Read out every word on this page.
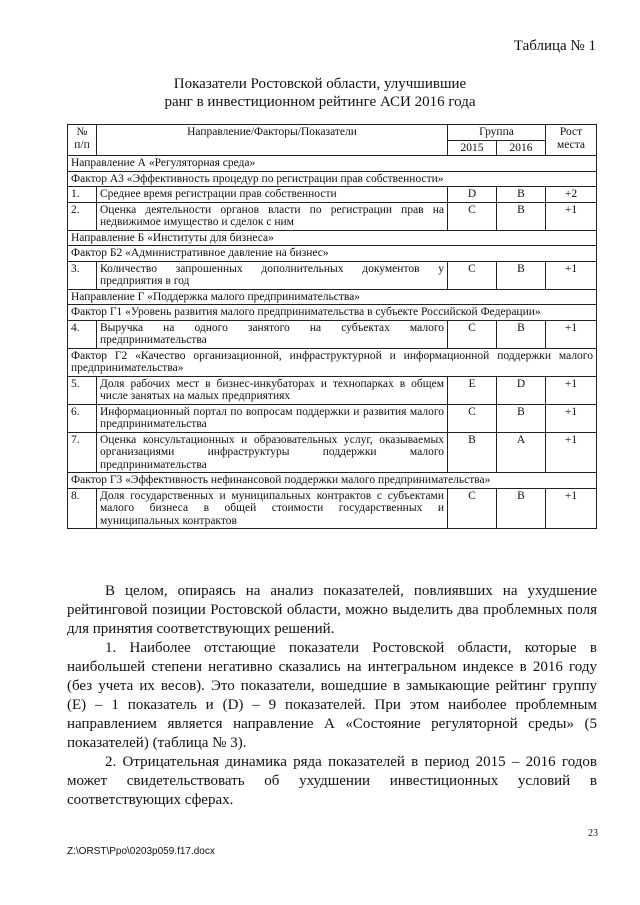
Таблица № 1
Показатели Ростовской области, улучшившие
ранг в инвестиционном рейтинге АСИ 2016 года
№
п/п	Направление/Факторы/Показатели	Группа		Рост места
		2015	2016	
Направление А «Регуляторная среда»				
Фактор А3 «Эффективность процедур по регистрации прав собственности»				
1.	Среднее время регистрации прав собственности	D	B	+2
2.	Оценка деятельности органов власти по регистрации прав на недвижимое имущество и сделок с ним	C	B	+1
Направление Б «Институты для бизнеса»				
Фактор Б2 «Административное давление на бизнес»				
3.	Количество запрошенных дополнительных документов у предприятия в год	C	B	+1
Направление Г «Поддержка малого предпринимательства»				
Фактор Г1 «Уровень развития малого предпринимательства в субъекте Российской Федерации»				
4.	Выручка на одного занятого на субъектах малого предпринимательства	C	B	+1
Фактор Г2 «Качество организационной, инфраструктурной и информационной поддержки малого предпринимательства»				
5.	Доля рабочих мест в бизнес-инкубаторах и технопарках в общем числе занятых на малых предприятиях	E	D	+1
6.	Информационный портал по вопросам поддержки и развития малого предпринимательства	C	B	+1
7.	Оценка консультационных и образовательных услуг, оказываемых организациями инфраструктуры поддержки малого предпринимательства	B	A	+1
Фактор Г3 «Эффективность нефинансовой поддержки малого предпринимательства»				
8.	Доля государственных и муниципальных контрактов с субъектами малого бизнеса в общей стоимости государственных и муниципальных контрактов	C	B	+1

В целом, опираясь на анализ показателей, повлиявших на ухудшение рейтинговой позиции Ростовской области, можно выделить два проблемных поля для принятия соответствующих решений.

1. Наиболее отстающие показатели Ростовской области, которые в наибольшей степени негативно сказались на интегральном индексе в 2016 году (без учета их весов). Это показатели, вошедшие в замыкающие рейтинг группу (E) – 1 показатель и (D) – 9 показателей. При этом наиболее проблемным направлением является направление А «Состояние регуляторной среды» (5 показателей) (таблица № 3).

2. Отрицательная динамика ряда показателей в период 2015 – 2016 годов может свидетельствовать об ухудшении инвестиционных условий в соответствующих сферах.

23
Z:\ORST\Ppo\0203p059.f17.docx
